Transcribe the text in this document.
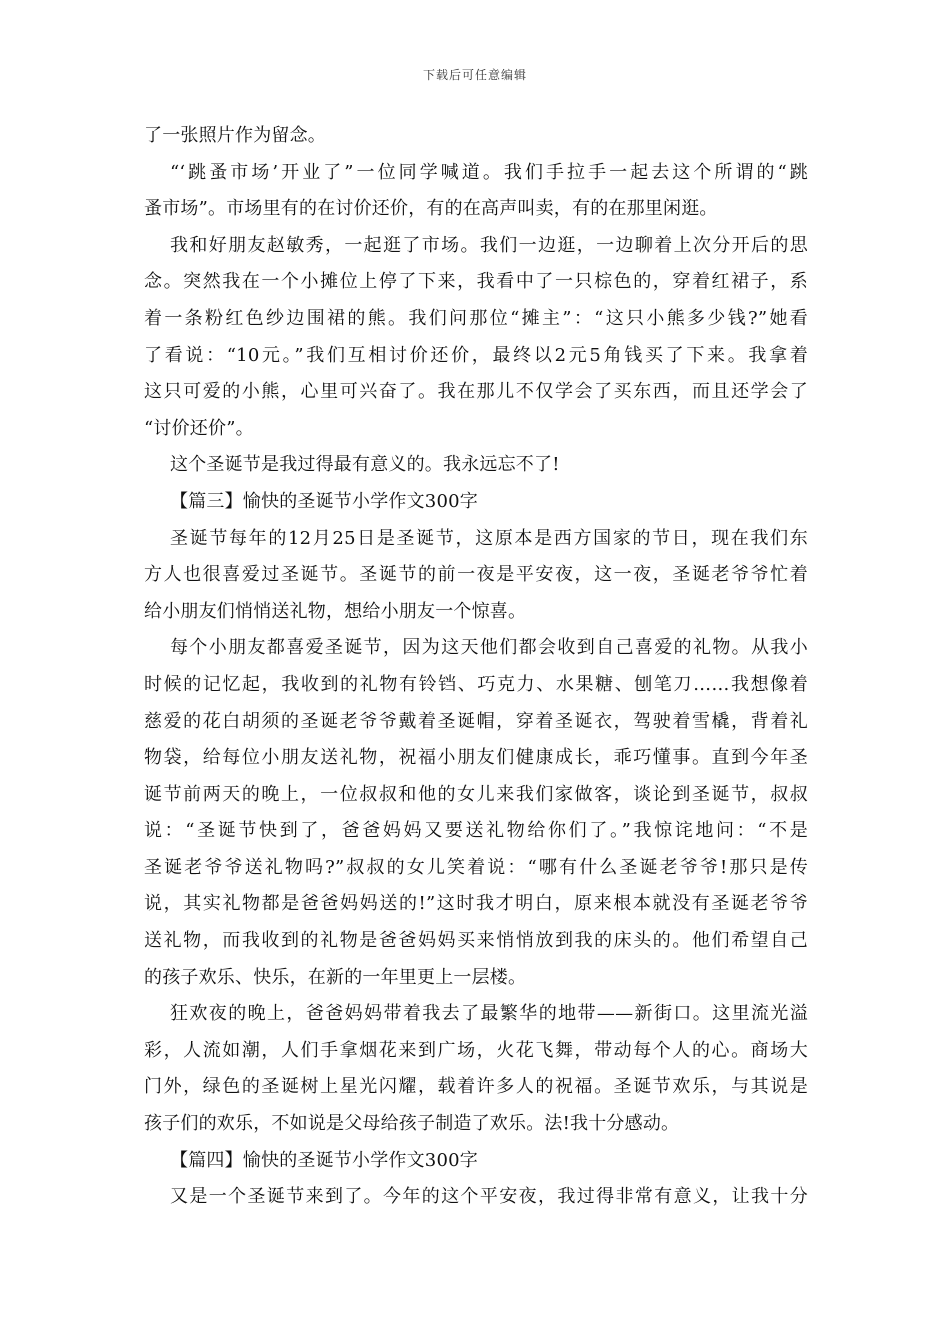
下载后可任意编辑
了一张照片作为留念。
“‘跳蚤市场’开业了”一位同学喊道。我们手拉手一起去这个所谓的“跳
蚤市场”。市场里有的在讨价还价，有的在高声叫卖，有的在那里闲逛。
我和好朋友赵敏秀，一起逛了市场。我们一边逛，一边聊着上次分开后的思
念。突然我在一个小摊位上停了下来，我看中了一只棕色的，穿着红裙子，系
着一条粉红色纱边围裙的熊。我们问那位“摊主”：“这只小熊多少钱?”她看
了看说：“10元。”我们互相讨价还价，最终以2元5角钱买了下来。我拿着
这只可爱的小熊，心里可兴奋了。我在那儿不仅学会了买东西，而且还学会了
“讨价还价”。
这个圣诞节是我过得最有意义的。我永远忘不了!
【篇三】愉快的圣诞节小学作文300字
圣诞节每年的12月25日是圣诞节，这原本是西方国家的节日，现在我们东
方人也很喜爱过圣诞节。圣诞节的前一夜是平安夜，这一夜，圣诞老爷爷忙着
给小朋友们悄悄送礼物，想给小朋友一个惊喜。
每个小朋友都喜爱圣诞节，因为这天他们都会收到自己喜爱的礼物。从我小
时候的记忆起，我收到的礼物有铃铛、巧克力、水果糖、刨笔刀……我想像着
慈爱的花白胡须的圣诞老爷爷戴着圣诞帽，穿着圣诞衣，驾驶着雪橇，背着礼
物袋，给每位小朋友送礼物，祝福小朋友们健康成长，乖巧懂事。直到今年圣
诞节前两天的晚上，一位叔叔和他的女儿来我们家做客，谈论到圣诞节，叔叔
说：“圣诞节快到了，爸爸妈妈又要送礼物给你们了。”我惊诧地问：“不是
圣诞老爷爷送礼物吗?”叔叔的女儿笑着说：“哪有什么圣诞老爷爷!那只是传
说，其实礼物都是爸爸妈妈送的!”这时我才明白，原来根本就没有圣诞老爷爷
送礼物，而我收到的礼物是爸爸妈妈买来悄悄放到我的床头的。他们希望自己
的孩子欢乐、快乐，在新的一年里更上一层楼。
狂欢夜的晚上，爸爸妈妈带着我去了最繁华的地带——新街口。这里流光溢
彩，人流如潮，人们手拿烟花来到广场，火花飞舞，带动每个人的心。商场大
门外，绿色的圣诞树上星光闪耀，载着许多人的祝福。圣诞节欢乐，与其说是
孩子们的欢乐，不如说是父母给孩子制造了欢乐。法!我十分感动。
【篇四】愉快的圣诞节小学作文300字
又是一个圣诞节来到了。今年的这个平安夜，我过得非常有意义，让我十分
